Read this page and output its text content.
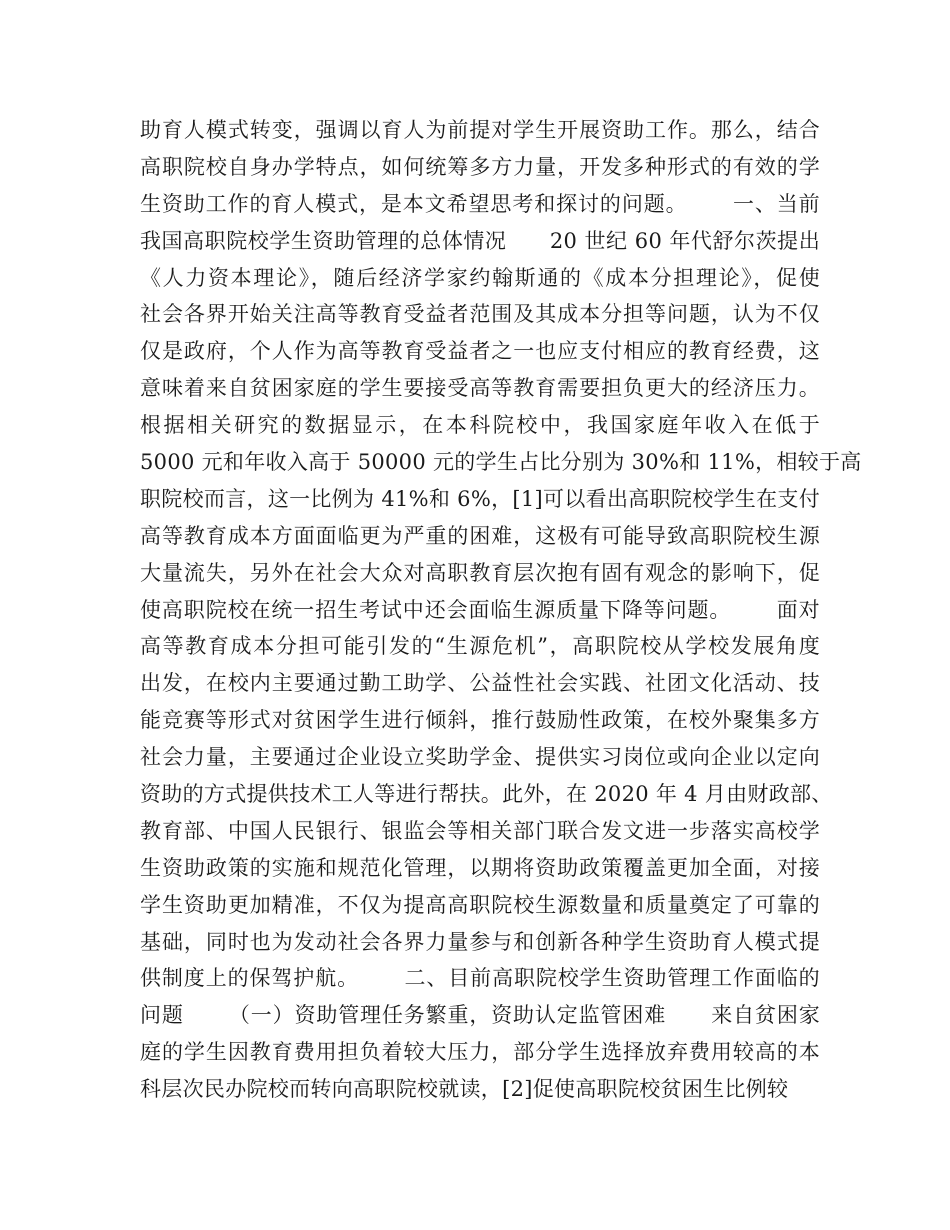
助育人模式转变，强调以育人为前提对学生开展资助工作。那么，结合
高职院校自身办学特点，如何统筹多方力量，开发多种形式的有效的学
生资助工作的育人模式，是本文希望思考和探讨的问题。      一、当前
我国高职院校学生资助管理的总体情况      20 世纪 60 年代舒尔茨提出
《人力资本理论》，随后经济学家约翰斯通的《成本分担理论》，促使
社会各界开始关注高等教育受益者范围及其成本分担等问题，认为不仅
仅是政府，个人作为高等教育受益者之一也应支付相应的教育经费，这
意味着来自贫困家庭的学生要接受高等教育需要担负更大的经济压力。
根据相关研究的数据显示，在本科院校中，我国家庭年收入在低于
5000 元和年收入高于 50000 元的学生占比分别为 30%和 11%，相较于高
职院校而言，这一比例为 41%和 6%，[1]可以看出高职院校学生在支付
高等教育成本方面面临更为严重的困难，这极有可能导致高职院校生源
大量流失，另外在社会大众对高职教育层次抱有固有观念的影响下，促
使高职院校在统一招生考试中还会面临生源质量下降等问题。      面对
高等教育成本分担可能引发的“生源危机”，高职院校从学校发展角度
出发，在校内主要通过勤工助学、公益性社会实践、社团文化活动、技
能竞赛等形式对贫困学生进行倾斜，推行鼓励性政策，在校外聚集多方
社会力量，主要通过企业设立奖助学金、提供实习岗位或向企业以定向
资助的方式提供技术工人等进行帮扶。此外，在 2020 年 4 月由财政部、
教育部、中国人民银行、银监会等相关部门联合发文进一步落实高校学
生资助政策的实施和规范化管理，以期将资助政策覆盖更加全面，对接
学生资助更加精准，不仅为提高高职院校生源数量和质量奠定了可靠的
基础，同时也为发动社会各界力量参与和创新各种学生资助育人模式提
供制度上的保驾护航。      二、目前高职院校学生资助管理工作面临的
问题      （一）资助管理任务繁重，资助认定监管困难      来自贫困家
庭的学生因教育费用担负着较大压力，部分学生选择放弃费用较高的本
科层次民办院校而转向高职院校就读，[2]促使高职院校贫困生比例较
